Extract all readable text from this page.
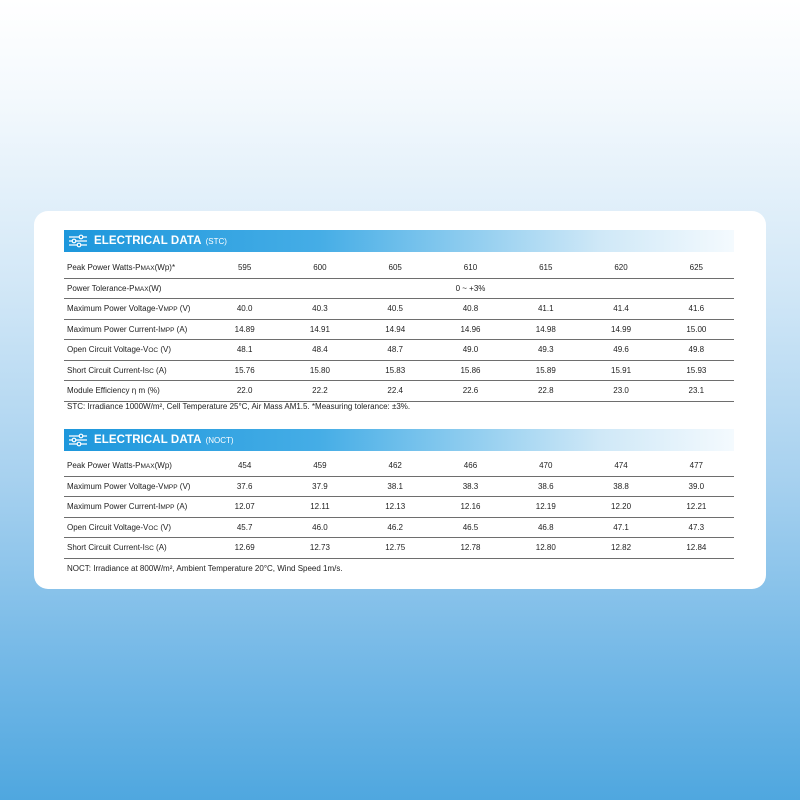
ELECTRICAL DATA (STC)
Peak Power Watts-PMAX(Wp)*	595	600	605	610	615	620	625
Power Tolerance-PMAX(W)	0 ~ +3%						
Maximum Power Voltage-VMPP (V)	40.0	40.3	40.5	40.8	41.1	41.4	41.6
Maximum Power Current-IMPP (A)	14.89	14.91	14.94	14.96	14.98	14.99	15.00
Open Circuit Voltage-VOC (V)	48.1	48.4	48.7	49.0	49.3	49.6	49.8
Short Circuit Current-ISC (A)	15.76	15.80	15.83	15.86	15.89	15.91	15.93
Module Efficiency η m (%)	22.0	22.2	22.4	22.6	22.8	23.0	23.1
STC: Irradiance 1000W/m², Cell Temperature 25°C, Air Mass AM1.5. *Measuring tolerance: ±3%.
ELECTRICAL DATA (NOCT)
Peak Power Watts-PMAX(Wp)	454	459	462	466	470	474	477
Maximum Power Voltage-VMPP (V)	37.6	37.9	38.1	38.3	38.6	38.8	39.0
Maximum Power Current-IMPP (A)	12.07	12.11	12.13	12.16	12.19	12.20	12.21
Open Circuit Voltage-VOC (V)	45.7	46.0	46.2	46.5	46.8	47.1	47.3
Short Circuit Current-ISC (A)	12.69	12.73	12.75	12.78	12.80	12.82	12.84
NOCT: Irradiance at 800W/m², Ambient Temperature 20°C, Wind Speed 1m/s.
